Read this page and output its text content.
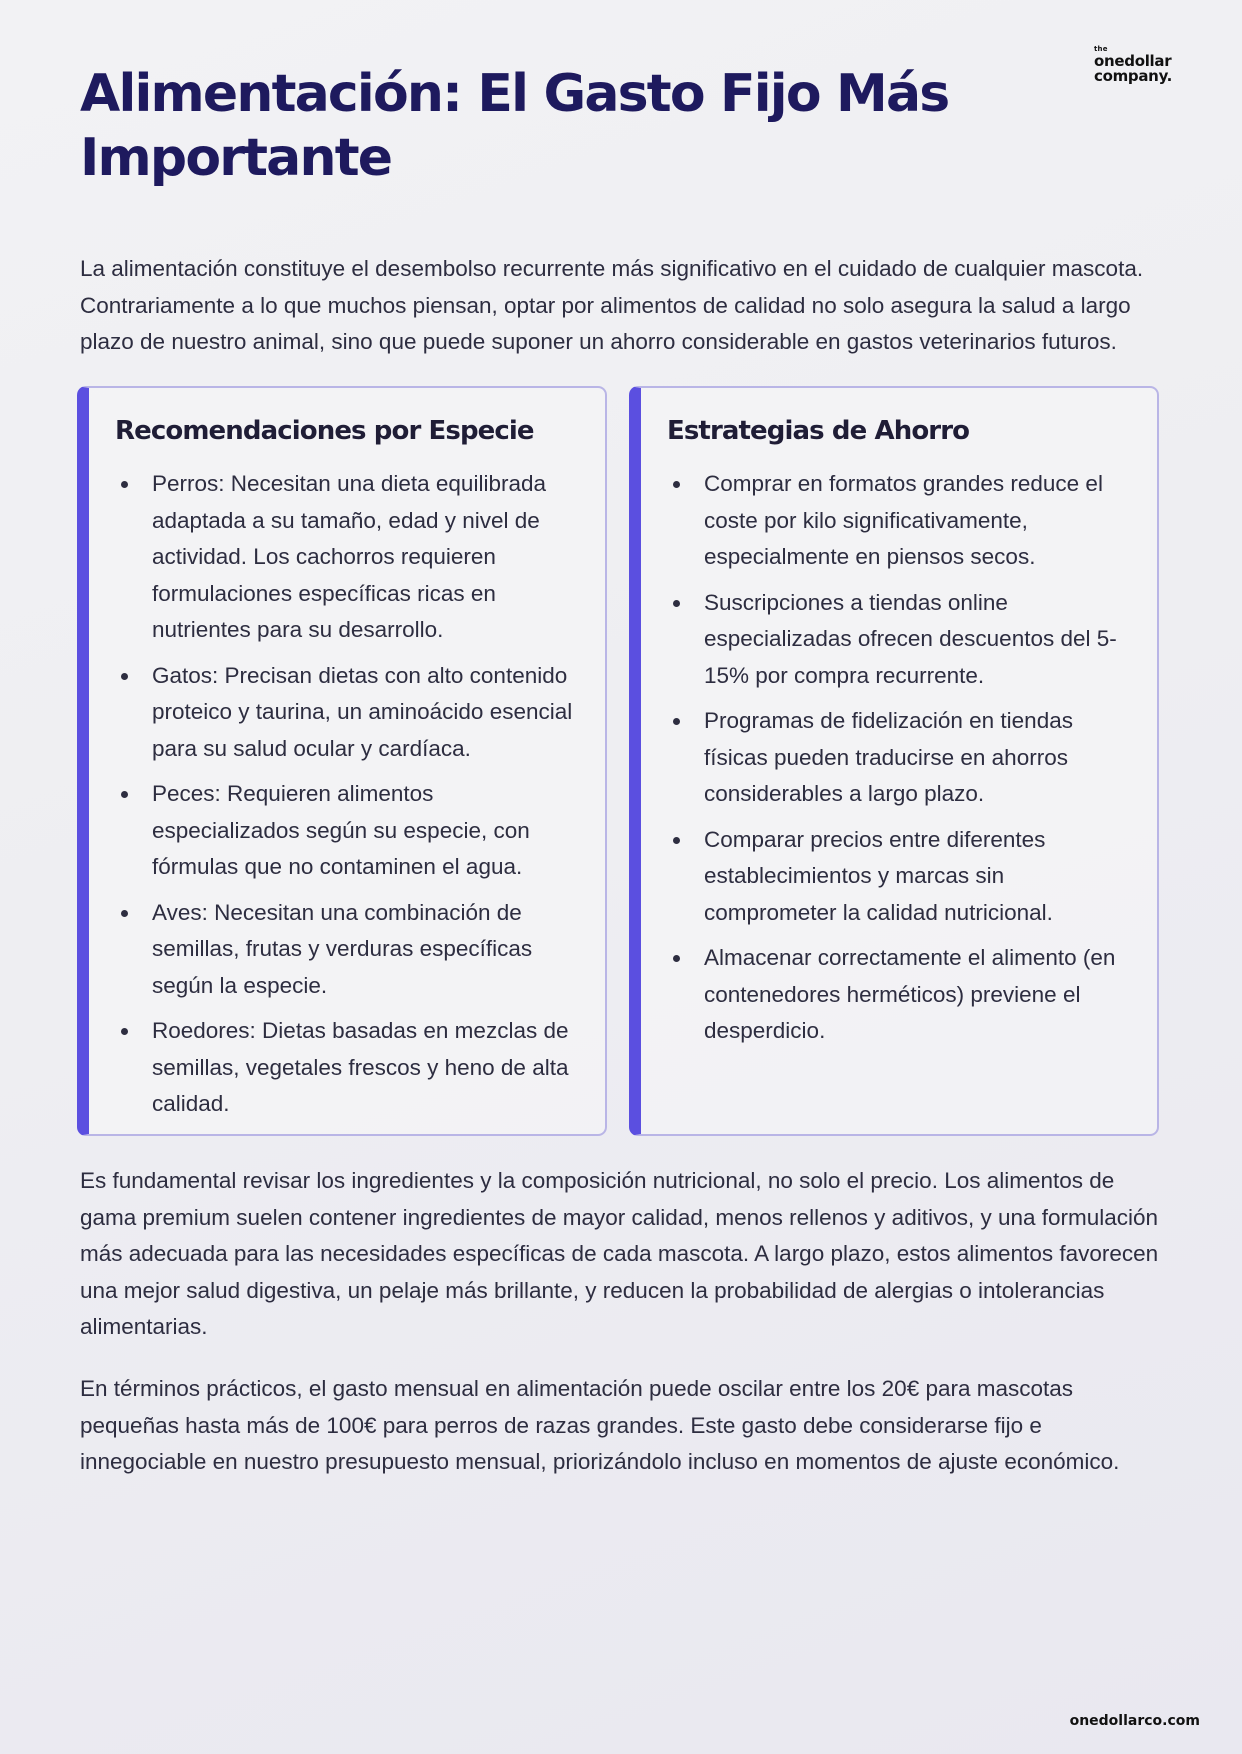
the
onedollar
company.
Alimentación: El Gasto Fijo Más Importante

La alimentación constituye el desembolso recurrente más significativo en el cuidado de cualquier mascota. Contrariamente a lo que muchos piensan, optar por alimentos de calidad no solo asegura la salud a largo plazo de nuestro animal, sino que puede suponer un ahorro considerable en gastos veterinarios futuros.

Recomendaciones por Especie
Perros: Necesitan una dieta equilibrada adaptada a su tamaño, edad y nivel de actividad. Los cachorros requieren formulaciones específicas ricas en nutrientes para su desarrollo.
Gatos: Precisan dietas con alto contenido proteico y taurina, un aminoácido esencial para su salud ocular y cardíaca.
Peces: Requieren alimentos especializados según su especie, con fórmulas que no contaminen el agua.
Aves: Necesitan una combinación de semillas, frutas y verduras específicas según la especie.
Roedores: Dietas basadas en mezclas de semillas, vegetales frescos y heno de alta calidad.
Estrategias de Ahorro
Comprar en formatos grandes reduce el coste por kilo significativamente, especialmente en piensos secos.
Suscripciones a tiendas online especializadas ofrecen descuentos del 5-15% por compra recurrente.
Programas de fidelización en tiendas físicas pueden traducirse en ahorros considerables a largo plazo.
Comparar precios entre diferentes establecimientos y marcas sin comprometer la calidad nutricional.
Almacenar correctamente el alimento (en contenedores herméticos) previene el desperdicio.

Es fundamental revisar los ingredientes y la composición nutricional, no solo el precio. Los alimentos de gama premium suelen contener ingredientes de mayor calidad, menos rellenos y aditivos, y una formulación más adecuada para las necesidades específicas de cada mascota. A largo plazo, estos alimentos favorecen una mejor salud digestiva, un pelaje más brillante, y reducen la probabilidad de alergias o intolerancias alimentarias.

En términos prácticos, el gasto mensual en alimentación puede oscilar entre los 20€ para mascotas pequeñas hasta más de 100€ para perros de razas grandes. Este gasto debe considerarse fijo e innegociable en nuestro presupuesto mensual, priorizándolo incluso en momentos de ajuste económico.

onedollarco.com
